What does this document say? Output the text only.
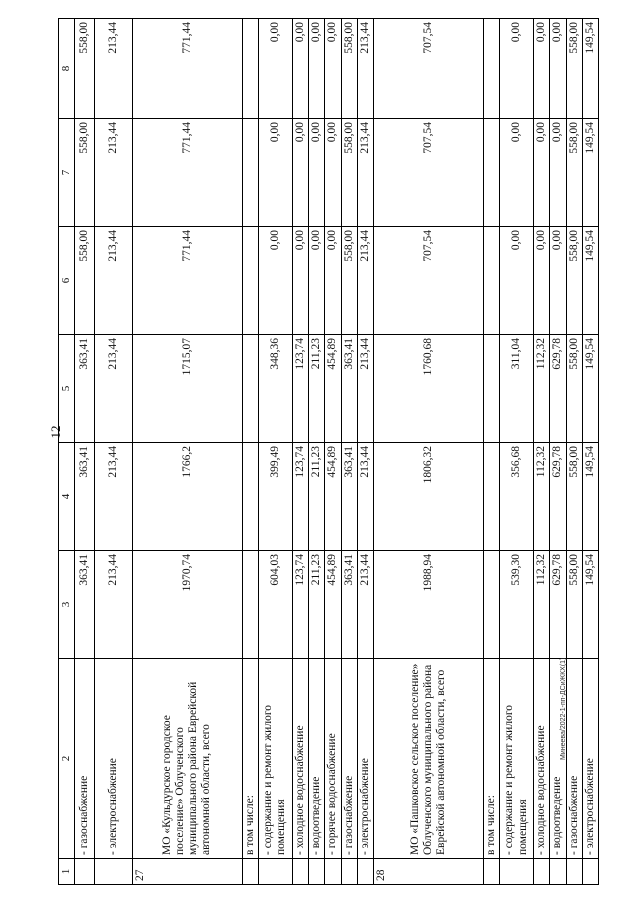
12
1	2	3	4	5	6	7	8
	- газоснабжение	363,41	363,41	363,41	558,00	558,00	558,00
	- электроснабжение	213,44	213,44	213,44	213,44	213,44	213,44
27	МО «Кульдурское городское поселение» Облученского муниципального района Еврейской автономной области, всего	1970,74	1766,2	1715,07	771,44	771,44	771,44
	в том числе:						
	- содержание и ремонт жилого помещения	604,03	399,49	348,36	0,00	0,00	0,00
	- холодное водоснабжение	123,74	123,74	123,74	0,00	0,00	0,00
	- водоотведение	211,23	211,23	211,23	0,00	0,00	0,00
	- горячее водоснабжение	454,89	454,89	454,89	0,00	0,00	0,00
	- газоснабжение	363,41	363,41	363,41	558,00	558,00	558,00
	- электроснабжение	213,44	213,44	213,44	213,44	213,44	213,44
28	МО «Пашковское сельское поселение» Облученского муниципального района Еврейской автономной области, всего	1988,94	1806,32	1760,68	707,54	707,54	707,54
	в том числе:						
	- содержание и ремонт жилого помещения	539,30	356,68	311,04	0,00	0,00	0,00
	- холодное водоснабжение	112,32	112,32	112,32	0,00	0,00	0,00
	- водоотведение	629,78	629,78	629,78	0,00	0,00	0,00
	- газоснабжение	558,00	558,00	558,00	558,00	558,00	558,00
	- электроснабжение	149,54	149,54	149,54	149,54	149,54	149,54
Минеева/2022-1-пп-ДСиЖКХ(1)
